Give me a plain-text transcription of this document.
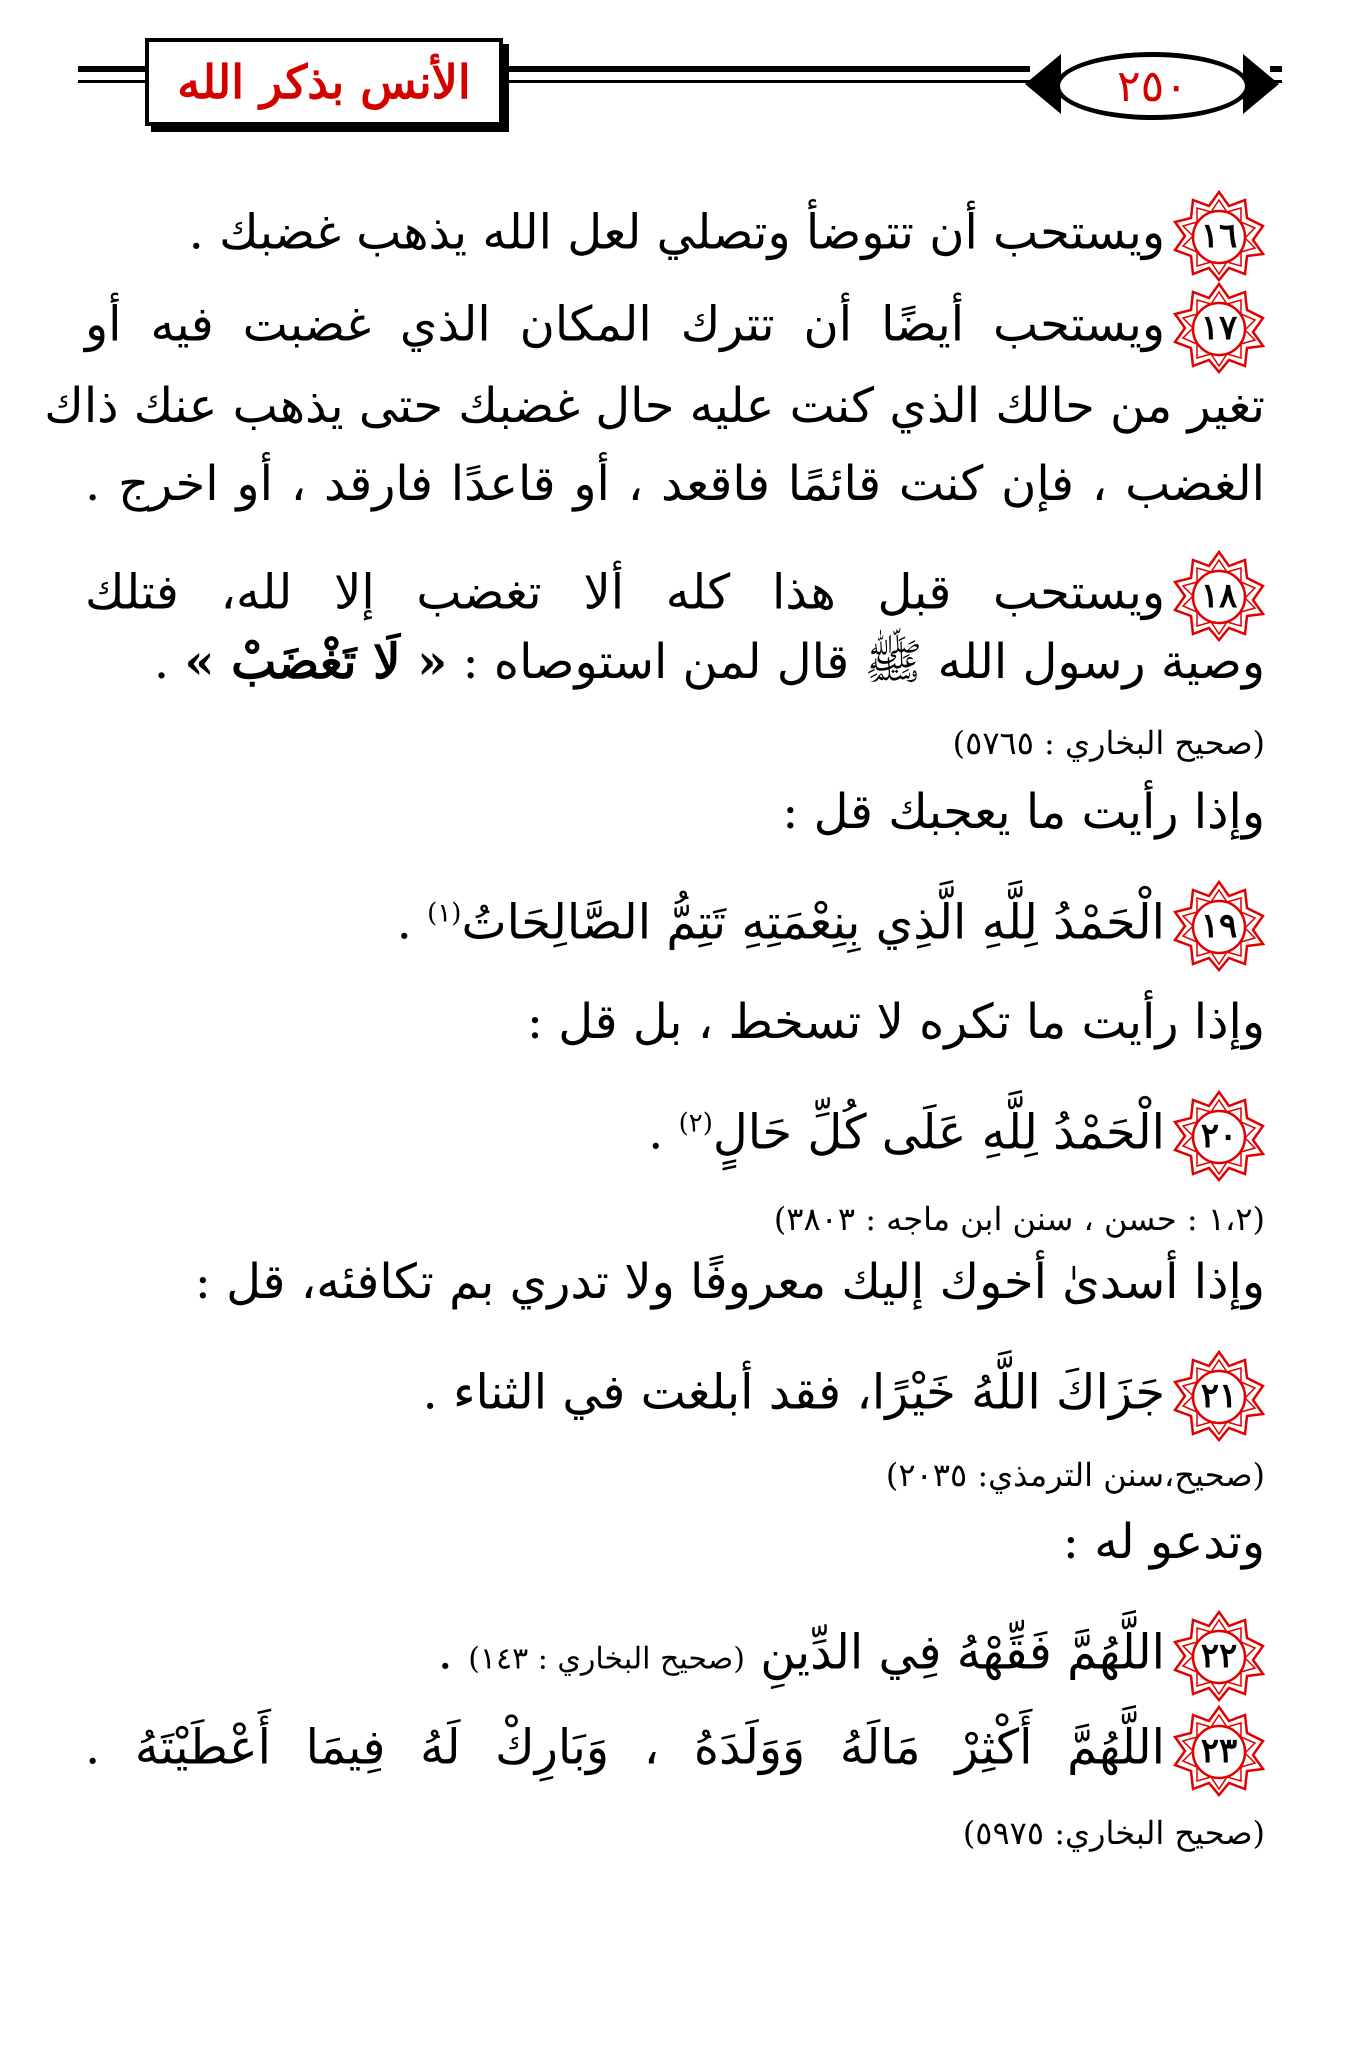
الأنس بذكر الله	٢٥٠
١٦
ويستحب أن تتوضأ وتصلي لعل الله يذهب غضبك .
١٧
ويستحب أيضًا أن تترك المكان الذي غضبت فيه أو
تغير من حالك الذي كنت عليه حال غضبك حتى يذهب عنك ذاك
الغضب ، فإن كنت قائمًا فاقعد ، أو قاعدًا فارقد ، أو اخرج .
١٨
ويستحب قبل هذا كله ألا تغضب إلا لله، فتلك
وصية رسول الله ﷺ قال لمن استوصاه : « لَا تَغْضَبْ » .
(صحيح البخاري : ٥٧٦٥)
وإذا رأيت ما يعجبك قل :
١٩
الْحَمْدُ لِلَّهِ الَّذِي بِنِعْمَتِهِ تَتِمُّ الصَّالِحَاتُ$^{(١)}$ .
وإذا رأيت ما تكره لا تسخط ، بل قل :
٢٠
الْحَمْدُ لِلَّهِ عَلَى كُلِّ حَالٍ$^{(٢)}$ .
(١،٢ : حسن ، سنن ابن ماجه : ٣٨٠٣)
وإذا أسدىٰ أخوك إليك معروفًا ولا تدري بم تكافئه، قل :
٢١
جَزَاكَ اللَّهُ خَيْرًا، فقد أبلغت في الثناء .
(صحيح،سنن الترمذي: ٢٠٣٥)
وتدعو له :
٢٢
اللَّهُمَّ فَقِّهْهُ فِي الدِّينِ (صحيح البخاري : ١٤٣) .
٢٣
اللَّهُمَّ أَكْثِرْ مَالَهُ وَوَلَدَهُ ، وَبَارِكْ لَهُ فِيمَا أَعْطَيْتَهُ .
(صحيح البخاري: ٥٩٧٥)
